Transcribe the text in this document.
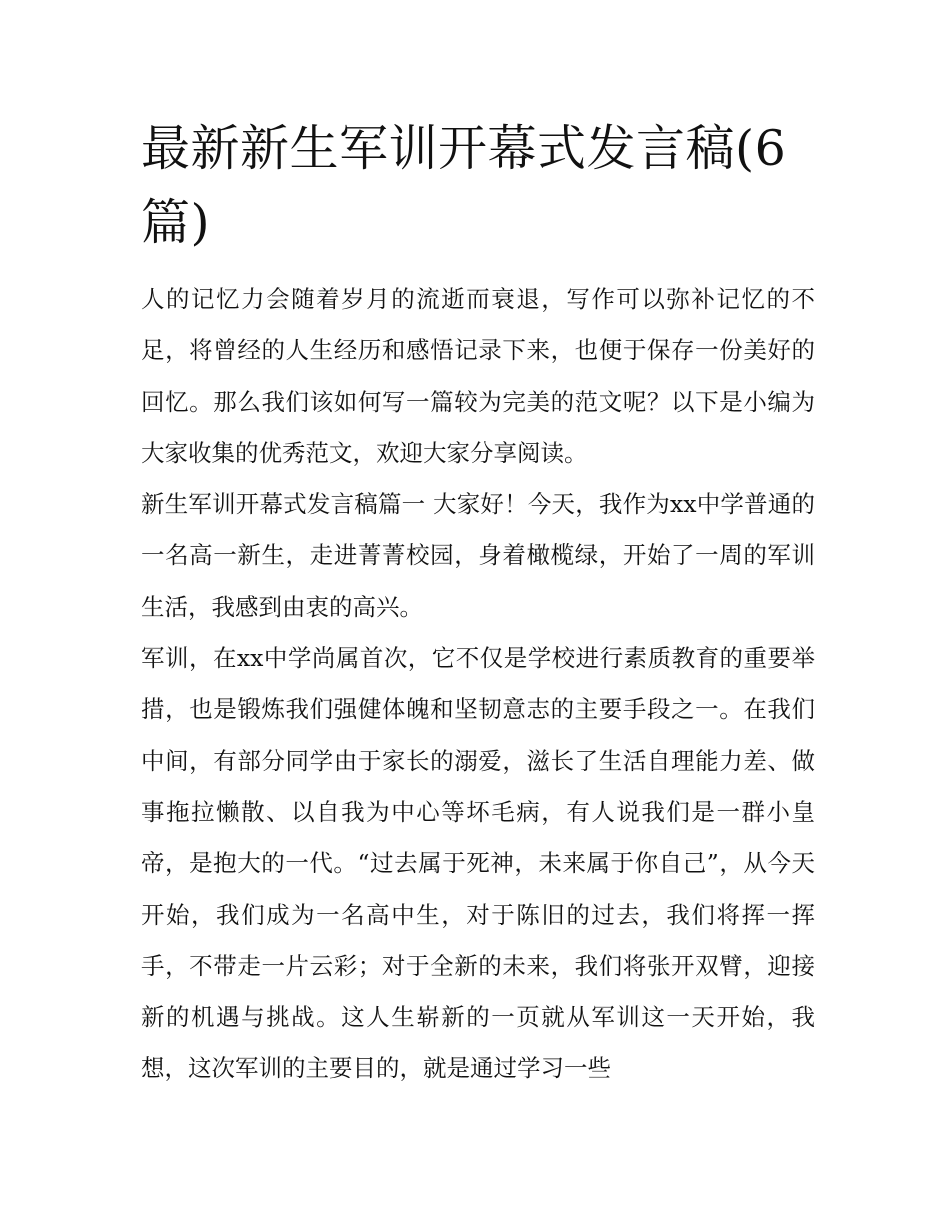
最新新生军训开幕式发言稿(6篇)

人的记忆力会随着岁月的流逝而衰退，写作可以弥补记忆的不足，将曾经的人生经历和感悟记录下来，也便于保存一份美好的回忆。那么我们该如何写一篇较为完美的范文呢？以下是小编为大家收集的优秀范文，欢迎大家分享阅读。

新生军训开幕式发言稿篇一 大家好！今天，我作为xx中学普通的一名高一新生，走进菁菁校园，身着橄榄绿，开始了一周的军训生活，我感到由衷的高兴。

军训，在xx中学尚属首次，它不仅是学校进行素质教育的重要举措，也是锻炼我们强健体魄和坚韧意志的主要手段之一。在我们中间，有部分同学由于家长的溺爱，滋长了生活自理能力差、做事拖拉懒散、以自我为中心等坏毛病，有人说我们是一群小皇帝，是抱大的一代。“过去属于死神，未来属于你自己”，从今天开始，我们成为一名高中生，对于陈旧的过去，我们将挥一挥手，不带走一片云彩；对于全新的未来，我们将张开双臂，迎接新的机遇与挑战。这人生崭新的一页就从军训这一天开始，我想，这次军训的主要目的，就是通过学习一些
